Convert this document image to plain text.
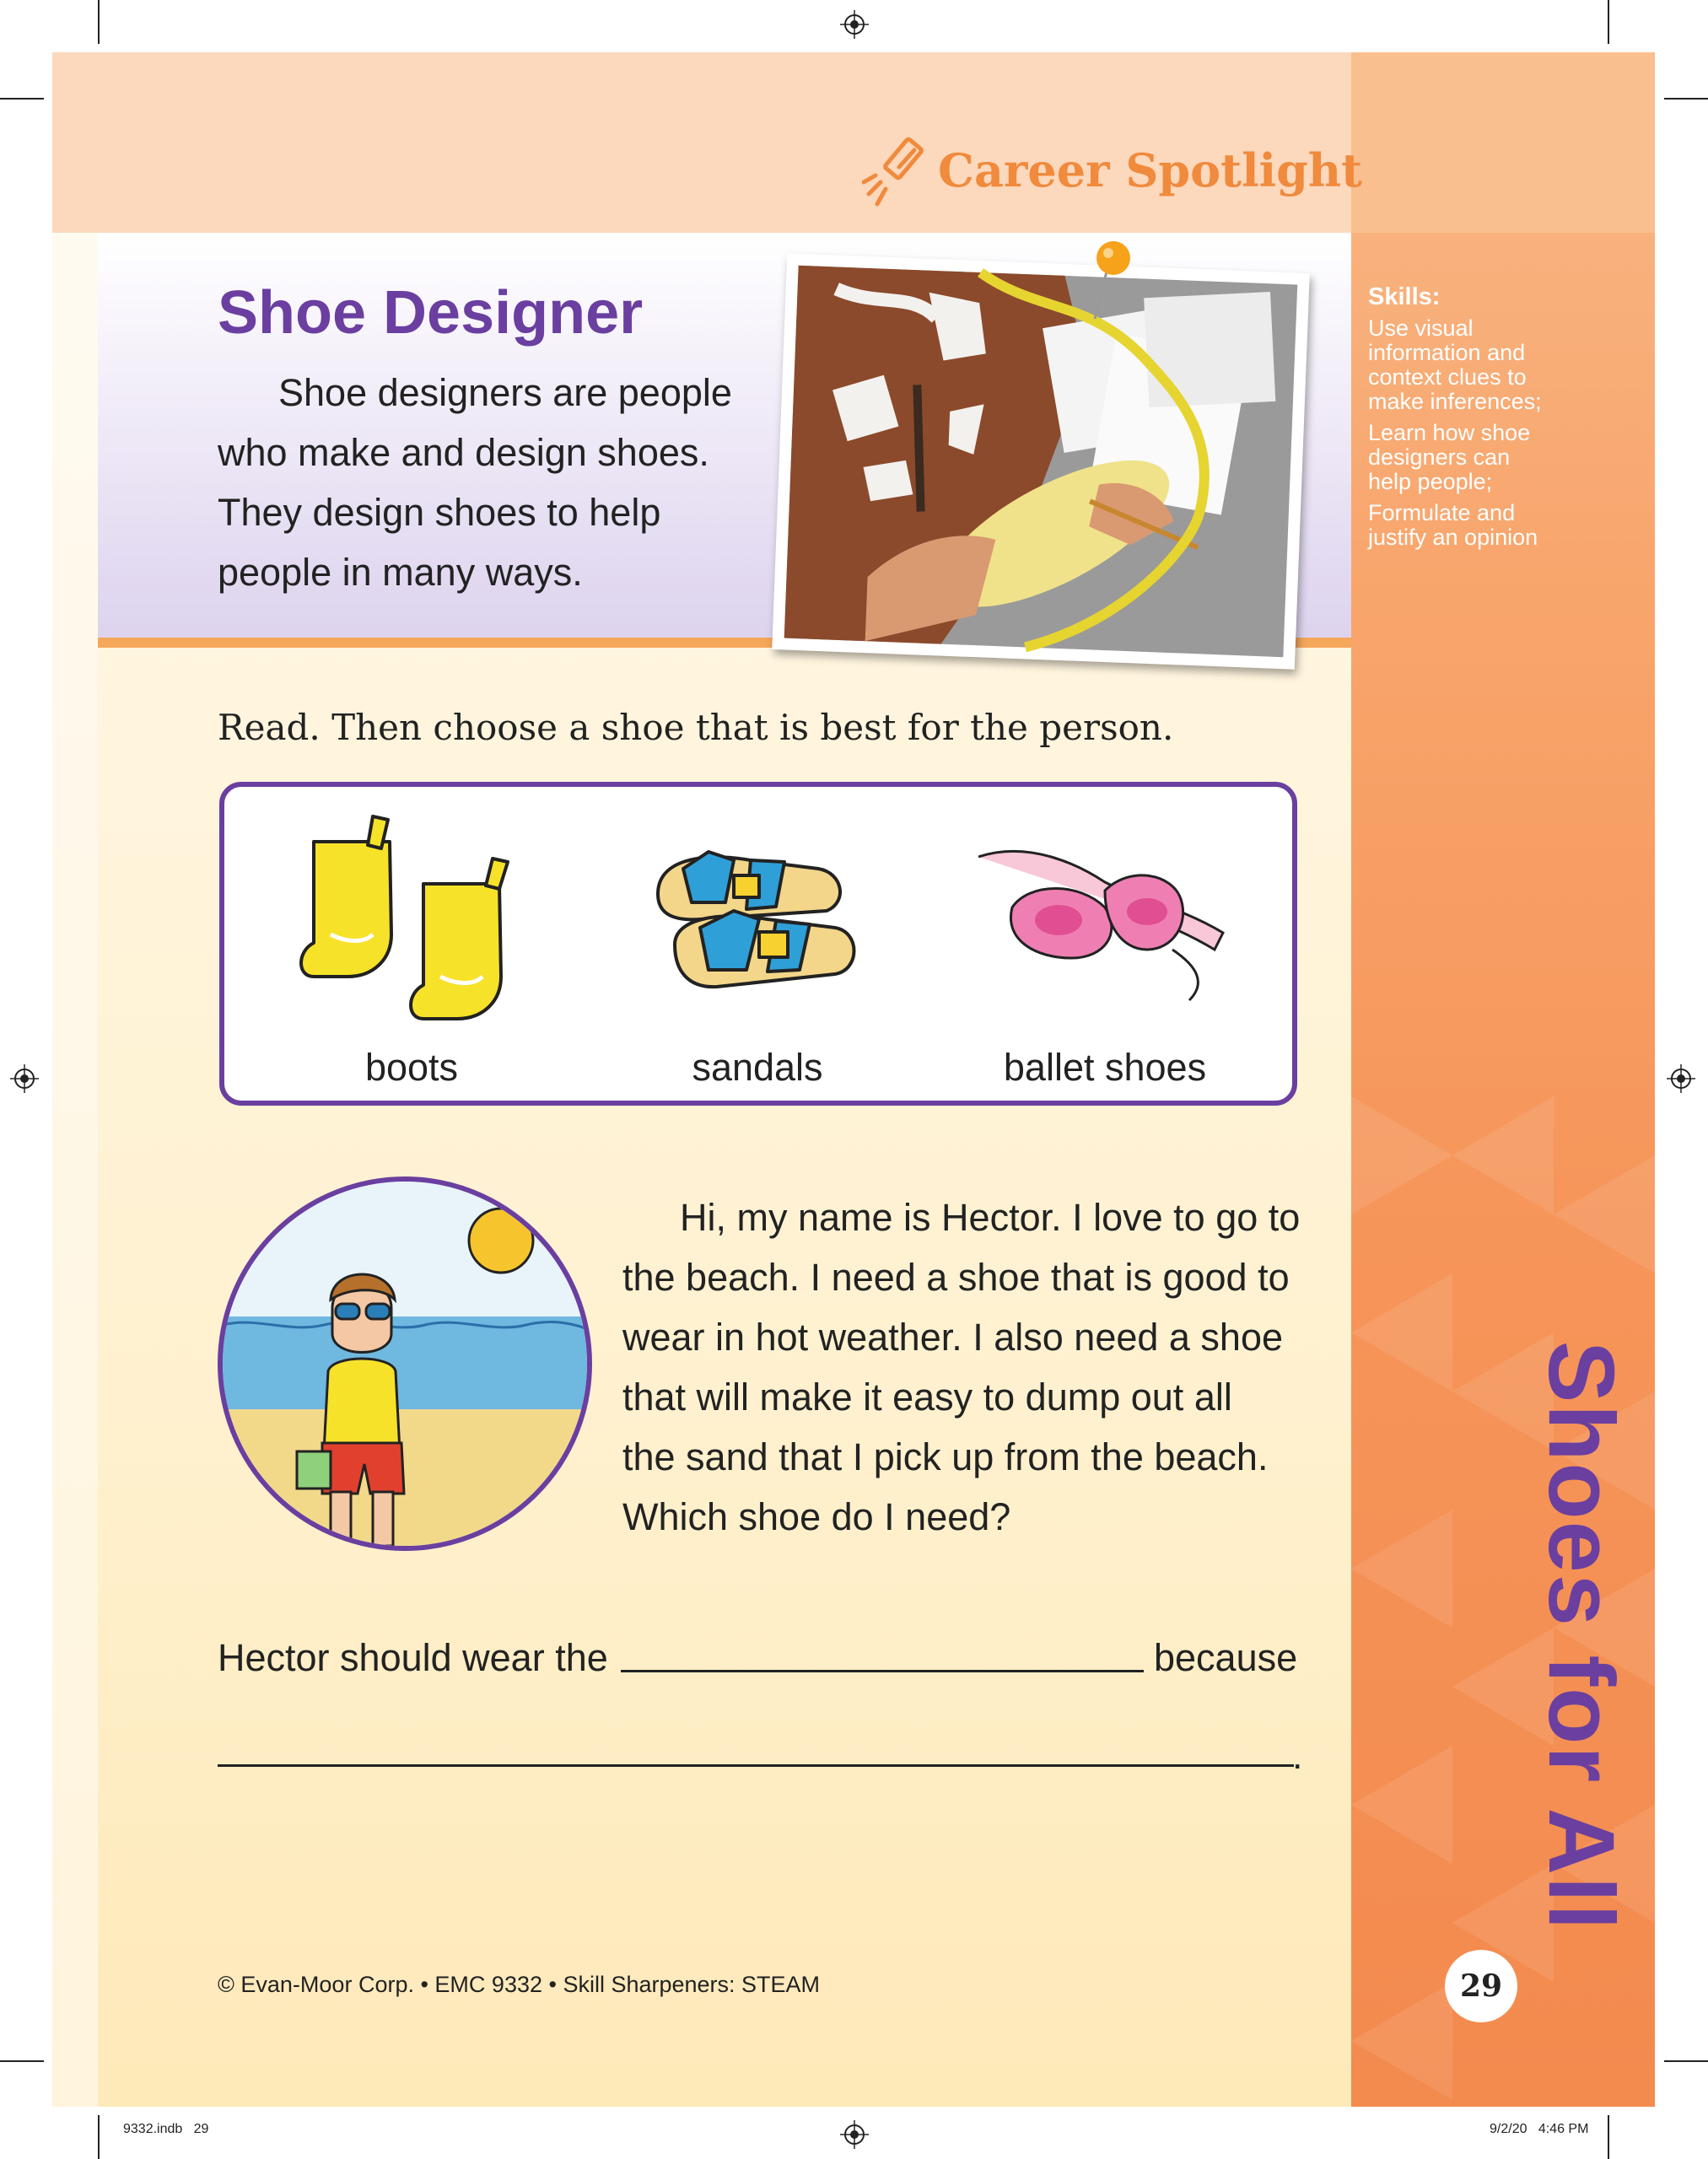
Career Spotlight
Shoe Designer
Shoe designers are people
who make and design shoes.
They design shoes to help
people in many ways.
Skills:
Use visual
information and
context clues to
make inferences;
Learn how shoe
designers can
help people;
Formulate and
justify an opinion
Shoes for All
29
Read. Then choose a shoe that is best for the person.
boots	sandals	ballet shoes
Hi, my name is Hector. I love to go to
the beach. I need a shoe that is good to
wear in hot weather. I also need a shoe
that will make it easy to dump out all
the sand that I pick up from the beach.
Which shoe do I need?
Hector should wear the	because
.
© Evan-Moor Corp. • EMC 9332 • Skill Sharpeners: STEAM
9332.indb   29	9/2/20   4:46 PM
